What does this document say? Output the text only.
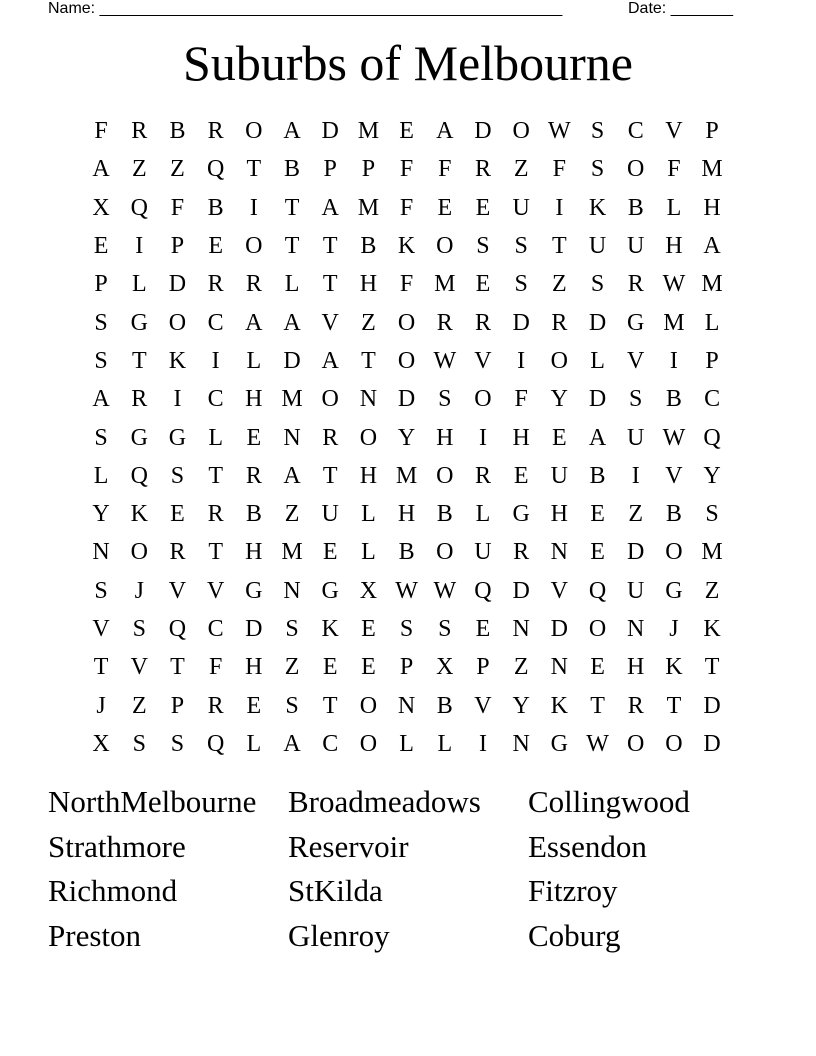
Name: ____________________________________________________	Date: _______
Suburbs of Melbourne
F R B R O A D M E A D O W S C V P
A Z Z Q T B P	P	F	F R Z	F	S O F M
X Q F B	I	T A M F	E E U	I	K B L H
E	I	P	E O T T B K O S	S	T U U H A
P	L D R R L T H F M E	S	Z	S R W M
S G O C A A V Z O R R D R D G M L
S	T K	I	L D A T O W V	I	O L V	I	P
A R	I	C H M O N D S O F Y D S B C
S G G L E N R O Y H	I	H E A U W Q
L Q S	T R A T H M O R E U B	I	V Y
Y K E R B Z U L H B L G H E Z B S
N O R T H M E L B O U R N E D O M
S	J	V V G N G X W W Q D V Q U G Z
V S Q C D S K E	S	S	E N D O N	J	K
T V T	F H Z E E	P X P	Z N E H K T
J	Z	P R E	S	T O N B V Y K T R T D
X S	S Q L A C O L L	I	N G W O O D
NorthMelbourne	Broadmeadows	Collingwood
Strathmore	Reservoir	Essendon
Richmond	StKilda	Fitzroy
Preston	Glenroy	Coburg
